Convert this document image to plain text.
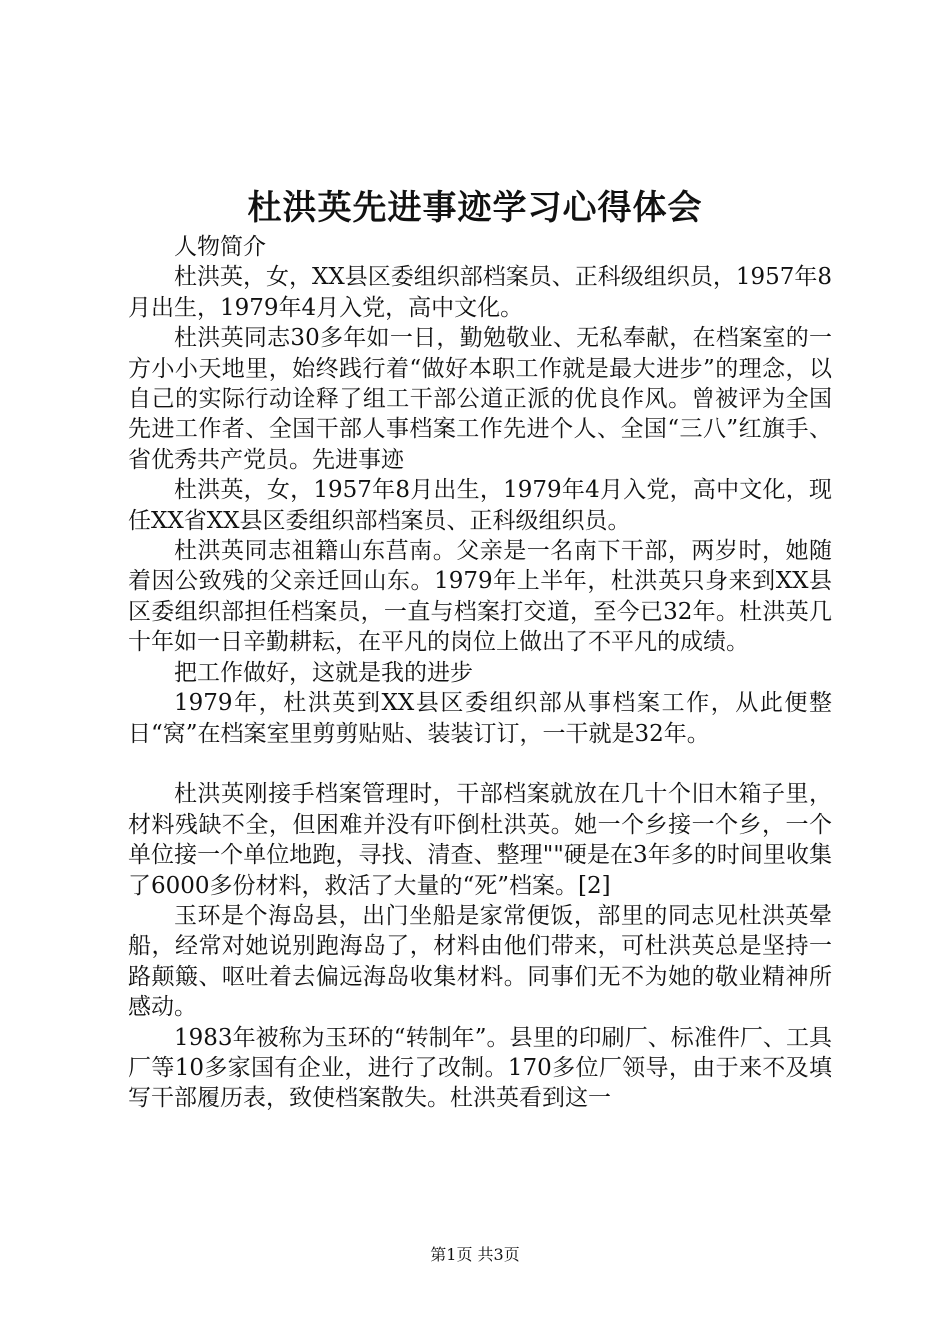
杜洪英先进事迹学习心得体会

人物简介

杜洪英，女，XX县区委组织部档案员、正科级组织员，1957年8月出生，1979年4月入党，高中文化。

杜洪英同志30多年如一日，勤勉敬业、无私奉献，在档案室的一方小小天地里，始终践行着“做好本职工作就是最大进步”的理念，以自己的实际行动诠释了组工干部公道正派的优良作风。曾被评为全国先进工作者、全国干部人事档案工作先进个人、全国“三八”红旗手、省优秀共产党员。先进事迹

杜洪英，女，1957年8月出生，1979年4月入党，高中文化，现任XX省XX县区委组织部档案员、正科级组织员。

杜洪英同志祖籍山东莒南。父亲是一名南下干部，两岁时，她随着因公致残的父亲迁回山东。1979年上半年，杜洪英只身来到XX县区委组织部担任档案员，一直与档案打交道，至今已32年。杜洪英几十年如一日辛勤耕耘，在平凡的岗位上做出了不平凡的成绩。

把工作做好，这就是我的进步

1979年，杜洪英到XX县区委组织部从事档案工作，从此便整日“窝”在档案室里剪剪贴贴、装装订订，一干就是32年。

杜洪英刚接手档案管理时，干部档案就放在几十个旧木箱子里，材料残缺不全，但困难并没有吓倒杜洪英。她一个乡接一个乡，一个单位接一个单位地跑，寻找、清查、整理""硬是在3年多的时间里收集了6000多份材料，救活了大量的“死”档案。[2]

玉环是个海岛县，出门坐船是家常便饭，部里的同志见杜洪英晕船，经常对她说别跑海岛了，材料由他们带来，可杜洪英总是坚持一路颠簸、呕吐着去偏远海岛收集材料。同事们无不为她的敬业精神所感动。

1983年被称为玉环的“转制年”。县里的印刷厂、标准件厂、工具厂等10多家国有企业，进行了改制。170多位厂领导，由于来不及填写干部履历表，致使档案散失。杜洪英看到这一

第1页 共3页
